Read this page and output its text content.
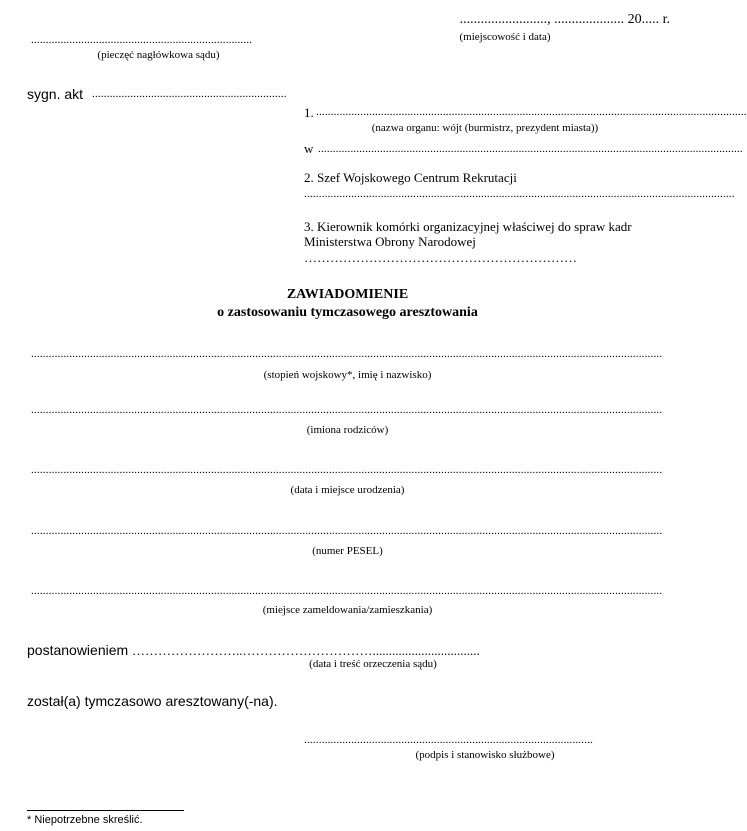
........................., .................... 20..... r.
(miejscowość i data)
...........................................................................
(pieczęć nagłówkowa sądu)
sygn. akt ..................................................................
1. ..................................................................................................................................................
(nazwa organu: wójt (burmistrz, prezydent miasta))
w ................................................................................................................................................
2. Szef Wojskowego Centrum Rekrutacji
..................................................................................................................................................
3. Kierownik komórki organizacyjnej właściwej do spraw kadr
Ministerstwa Obrony Narodowej
………………………………………………………
ZAWIADOMIENIE
o zastosowaniu tymczasowego aresztowania
......................................................................................................................................................................................................................
(stopień wojskowy*, imię i nazwisko)
......................................................................................................................................................................................................................
(imiona rodziców)
......................................................................................................................................................................................................................
(data i miejsce urodzenia)
......................................................................................................................................................................................................................
(numer PESEL)
......................................................................................................................................................................................................................
(miejsce zameldowania/zamieszkania)
postanowieniem ……………………..………………………….................................
(data i treść orzeczenia sądu)
został(a) tymczasowo aresztowany(-na).
..................................................................................................
(podpis i stanowisko służbowe)
* Niepotrzebne skreślić.
